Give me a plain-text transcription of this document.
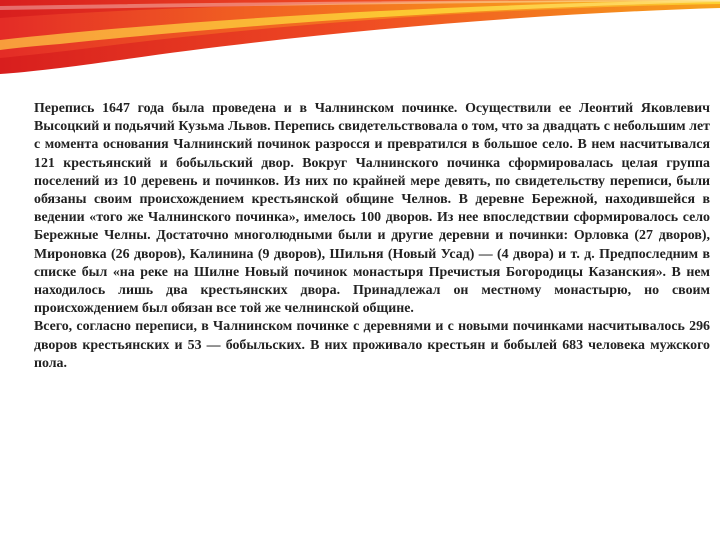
Перепись 1647 года была проведена и в Чалнинском починке. Осуществили ее Леонтий Яковлевич Высоцкий и подьячий Кузьма Львов. Перепись свидетельствовала о том, что за двадцать с небольшим лет с момента основания Чалнинский починок разросся и превратился в большое село. В нем насчитывался 121 крестьянский и бобыльский двор. Вокруг Чалнинского починка сформировалась целая группа поселений из 10 деревень и починков. Из них по крайней мере девять, по свидетельству переписи, были обязаны своим происхождением крестьянской общине Челнов. В деревне Бережной, находившейся в ведении «того же Чалнинского починка», имелось 100 дворов. Из нее впоследствии сформировалось село Бережные Челны. Достаточно многолюдными были и другие деревни и починки: Орловка (27 дворов), Мироновка (26 дворов), Калинина (9 дворов), Шильня (Новый Усад) — (4 двора) и т. д. Предпоследним в списке был «на реке на Шилне Новый починок монастыря Пречистыя Богородицы Казанския». В нем находилось лишь два крестьянских двора. Принадлежал он местному монастырю, но своим происхождением был обязан все той же челнинской общине.

Всего, согласно переписи, в Чалнинском починке с деревнями и с новыми починками насчитывалось 296 дворов крестьянских и 53 — бобыльских. В них проживало крестьян и бобылей 683 человека мужского пола.
